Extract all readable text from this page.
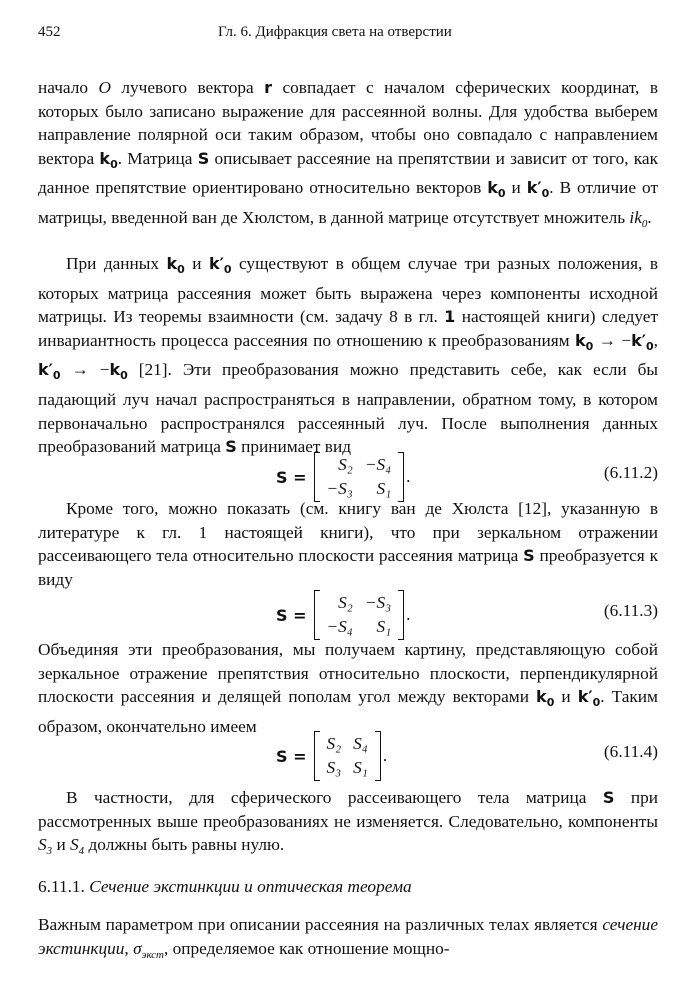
452	Гл. 6. Дифракция света на отверстии
начало O лучевого вектора r совпадает с началом сферических координат, в которых было записано выражение для рассеянной волны. Для удобства выберем направление полярной оси таким образом, чтобы оно совпадало с направлением вектора $k_0$. Матрица S описывает рассеяние на препятствии и зависит от того, как данное препятствие ориентировано относительно векторов $k_0$ и $k'_0$. В отличие от матрицы, введенной ван де Хюлстом, в данной матрице отсутствует множитель $ik_0$.
При данных $k_0$ и $k'_0$ существуют в общем случае три разных положения, в которых матрица рассеяния может быть выражена через компоненты исходной матрицы. Из теоремы взаимности (см. задачу 8 в гл. 1 настоящей книги) следует инвариантность процесса рассеяния по отношению к преобразованиям $k_0 \to -k'_0$, $k'_0 \to -k_0$ [21]. Эти преобразования можно представить себе, как если бы падающий луч начал распространяться в направлении, обратном тому, в котором первоначально распространялся рассеянный луч. После выполнения данных преобразований матрица S принимает вид
S =
S₂	−S₄
−S₃	S₁
.	(6.11.2)
Кроме того, можно показать (см. книгу ван де Хюлста [12], указанную в литературе к гл. 1 настоящей книги), что при зеркальном отражении рассеивающего тела относительно плоскости рассеяния матрица S преобразуется к виду
S =
S₂	−S₃
−S₄	S₁
.	(6.11.3)
Объединяя эти преобразования, мы получаем картину, представляющую собой зеркальное отражение препятствия относительно плоскости, перпендикулярной плоскости рассеяния и делящей пополам угол между векторами $k_0$ и $k'_0$. Таким образом, окончательно имеем
S =
S₂	S₄
S₃	S₁
.	(6.11.4)
В частности, для сферического рассеивающего тела матрица S при рассмотренных выше преобразованиях не изменяется. Следовательно, компоненты $S_3$ и $S_4$ должны быть равны нулю.
6.11.1. Сечение экстинкции и оптическая теорема
Важным параметром при описании рассеяния на различных телах является сечение экстинкции, $\sigma_{экст}$, определяемое как отношение мощно-
